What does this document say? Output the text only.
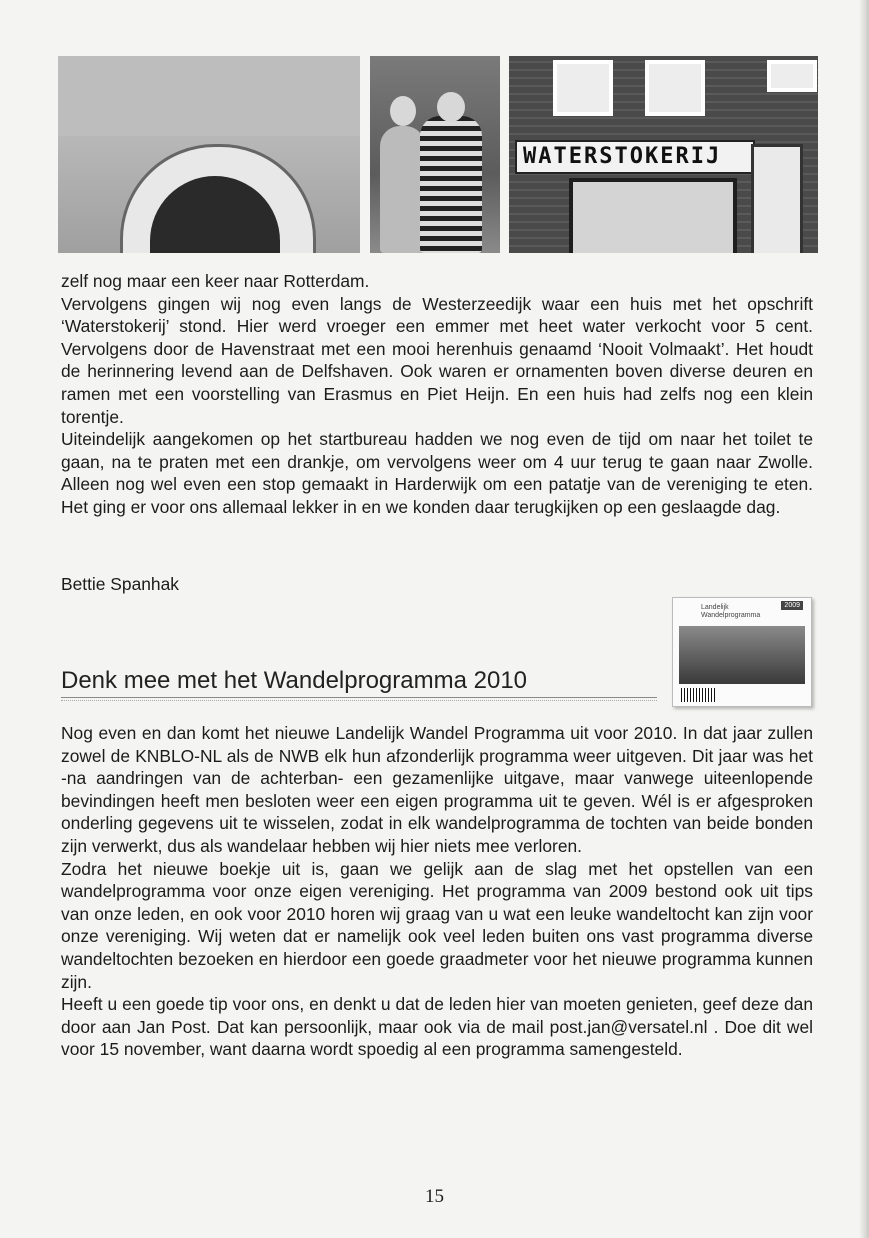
WATERSTOKERIJ

zelf nog maar een keer naar Rotterdam.

Vervolgens gingen wij nog even langs de Westerzeedijk waar een huis met het opschrift ‘Waterstokerij’ stond. Hier werd vroeger een emmer met heet water verkocht voor 5 cent. Vervolgens door de Havenstraat met een mooi herenhuis genaamd ‘Nooit Volmaakt’. Het houdt de herinnering levend aan de Delfshaven. Ook waren er ornamenten boven diverse deuren en ramen met een voorstelling van Erasmus en Piet Heijn. En een huis had zelfs nog een klein torentje.

Uiteindelijk aangekomen op het startbureau hadden we nog even de tijd om naar het toilet te gaan, na te praten met een drankje, om vervolgens weer om 4 uur terug te gaan naar Zwolle. Alleen nog wel even een stop gemaakt in Harderwijk om een patatje van de vereniging te eten. Het ging er voor ons allemaal lekker in en we konden daar terugkijken op een geslaagde dag.

Bettie Spanhak
Landelijk
Wandelprogramma
2009
Denk mee met het Wandelprogramma 2010

Nog even en dan komt het nieuwe Landelijk Wandel Programma uit voor 2010. In dat jaar zullen zowel de KNBLO-NL als de NWB elk hun afzonderlijk programma weer uitgeven. Dit jaar was het -na aandringen van de achterban- een gezamenlijke uitgave, maar vanwege uiteenlopende bevindingen heeft men besloten weer een eigen programma uit te geven. Wél is er afgesproken onderling gegevens uit te wisselen, zodat in elk wandelprogramma de tochten van beide bonden zijn verwerkt, dus als wandelaar hebben wij hier niets mee verloren.

Zodra het nieuwe boekje uit is, gaan we gelijk aan de slag met het opstellen van een wandelprogramma voor onze eigen vereniging. Het programma van 2009 bestond ook uit tips van onze leden, en ook voor 2010 horen wij graag van u wat een leuke wandeltocht kan zijn voor onze vereniging. Wij weten dat er namelijk ook veel leden buiten ons vast programma diverse wandeltochten bezoeken en hierdoor een goede graadmeter voor het nieuwe programma kunnen zijn.

Heeft u een goede tip voor ons, en denkt u dat de leden hier van moeten genieten, geef deze dan door aan Jan Post. Dat kan persoonlijk, maar ook via de mail post.jan@versatel.nl . Doe dit wel voor 15 november, want daarna wordt spoedig al een programma samengesteld.

15
